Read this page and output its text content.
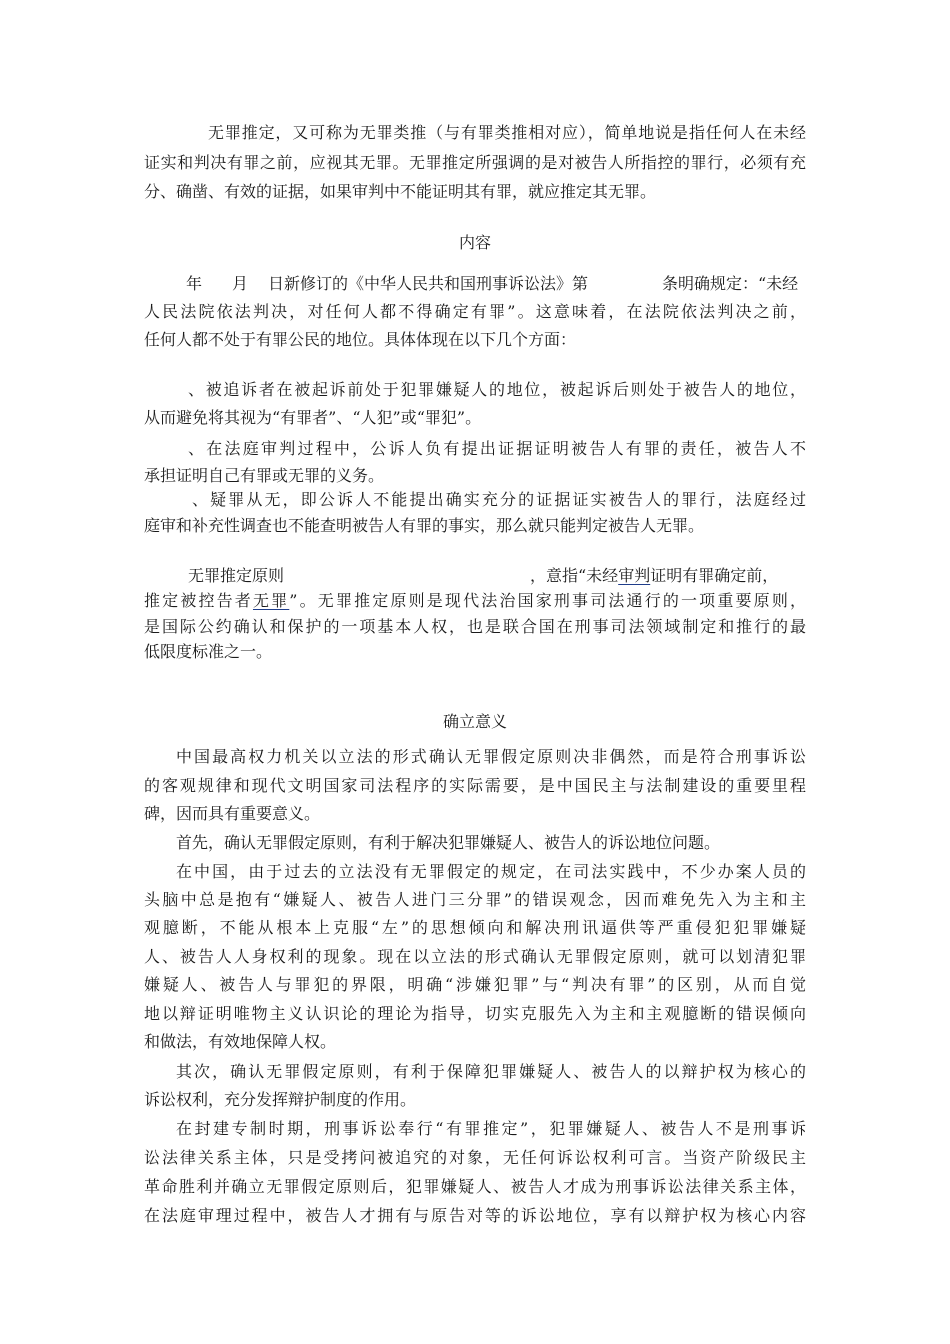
无罪推定，又可称为无罪类推（与有罪类推相对应），简单地说是指任何人在未经
证实和判决有罪之前，应视其无罪。无罪推定所强调的是对被告人所指控的罪行，必须有充
分、确凿、有效的证据，如果审判中不能证明其有罪，就应推定其无罪。
内容
年 月 日新修订的《中华人民共和国刑事诉讼法》第	条明确规定：“未经
人民法院依法判决，对任何人都不得确定有罪”。这意味着，在法院依法判决之前，
任何人都不处于有罪公民的地位。具体体现在以下几个方面：
、被追诉者在被起诉前处于犯罪嫌疑人的地位，被起诉后则处于被告人的地位，
从而避免将其视为“有罪者”、“人犯”或“罪犯”。
、在法庭审判过程中，公诉人负有提出证据证明被告人有罪的责任，被告人不
承担证明自己有罪或无罪的义务。
、疑罪从无，即公诉人不能提出确实充分的证据证实被告人的罪行，法庭经过
庭审和补充性调查也不能查明被告人有罪的事实，那么就只能判定被告人无罪。
无罪推定原则	，意指“未经审判证明有罪确定前，
推定被控告者无罪”。无罪推定原则是现代法治国家刑事司法通行的一项重要原则，
是国际公约确认和保护的一项基本人权，也是联合国在刑事司法领域制定和推行的最
低限度标准之一。
确立意义
中国最高权力机关以立法的形式确认无罪假定原则决非偶然，而是符合刑事诉讼
的客观规律和现代文明国家司法程序的实际需要，是中国民主与法制建设的重要里程
碑，因而具有重要意义。
首先，确认无罪假定原则，有利于解决犯罪嫌疑人、被告人的诉讼地位问题。
在中国，由于过去的立法没有无罪假定的规定，在司法实践中，不少办案人员的
头脑中总是抱有“嫌疑人、被告人进门三分罪”的错误观念，因而难免先入为主和主
观臆断，不能从根本上克服“左”的思想倾向和解决刑讯逼供等严重侵犯犯罪嫌疑
人、被告人人身权利的现象。现在以立法的形式确认无罪假定原则，就可以划清犯罪
嫌疑人、被告人与罪犯的界限，明确“涉嫌犯罪”与“判决有罪”的区别，从而自觉
地以辩证明唯物主义认识论的理论为指导，切实克服先入为主和主观臆断的错误倾向
和做法，有效地保障人权。
其次，确认无罪假定原则，有利于保障犯罪嫌疑人、被告人的以辩护权为核心的
诉讼权利，充分发挥辩护制度的作用。
在封建专制时期，刑事诉讼奉行“有罪推定”，犯罪嫌疑人、被告人不是刑事诉
讼法律关系主体，只是受拷问被追究的对象，无任何诉讼权利可言。当资产阶级民主
革命胜利并确立无罪假定原则后，犯罪嫌疑人、被告人才成为刑事诉讼法律关系主体，
在法庭审理过程中，被告人才拥有与原告对等的诉讼地位，享有以辩护权为核心内容
